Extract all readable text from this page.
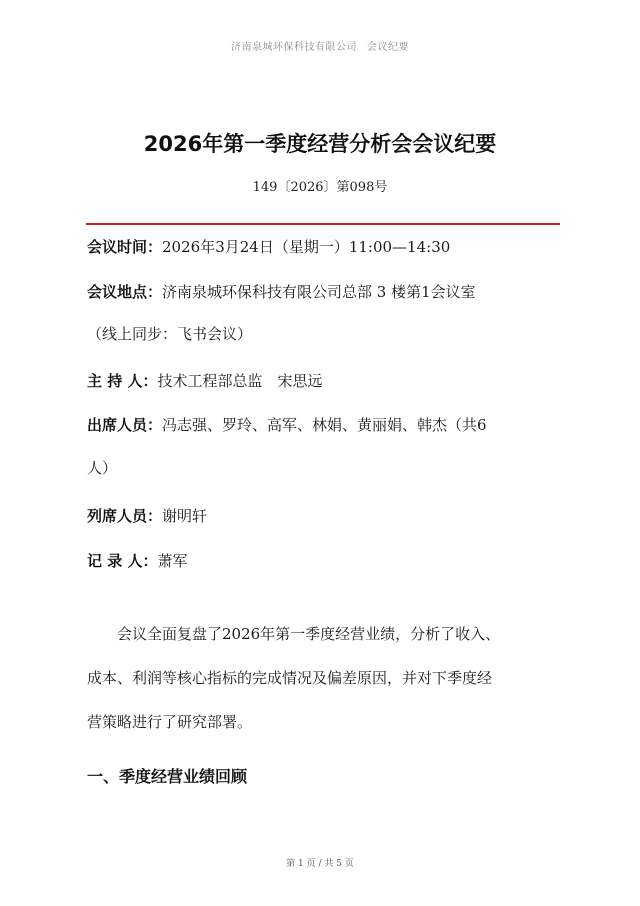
济南泉城环保科技有限公司 会议纪要
2026年第一季度经营分析会会议纪要
149〔2026〕第098号
会议时间：2026年3月24日（星期一）11:00—14:30
会议地点：济南泉城环保科技有限公司总部 3 楼第1会议室
（线上同步：飞书会议）
主 持 人：技术工程部总监　宋思远
出席人员：冯志强、罗玲、高军、林娟、黄丽娟、韩杰（共6
人）
列席人员：谢明轩
记 录 人：萧军
会议全面复盘了2026年第一季度经营业绩，分析了收入、
成本、利润等核心指标的完成情况及偏差原因，并对下季度经
营策略进行了研究部署。
一、季度经营业绩回顾
第 1 页 / 共 5 页
